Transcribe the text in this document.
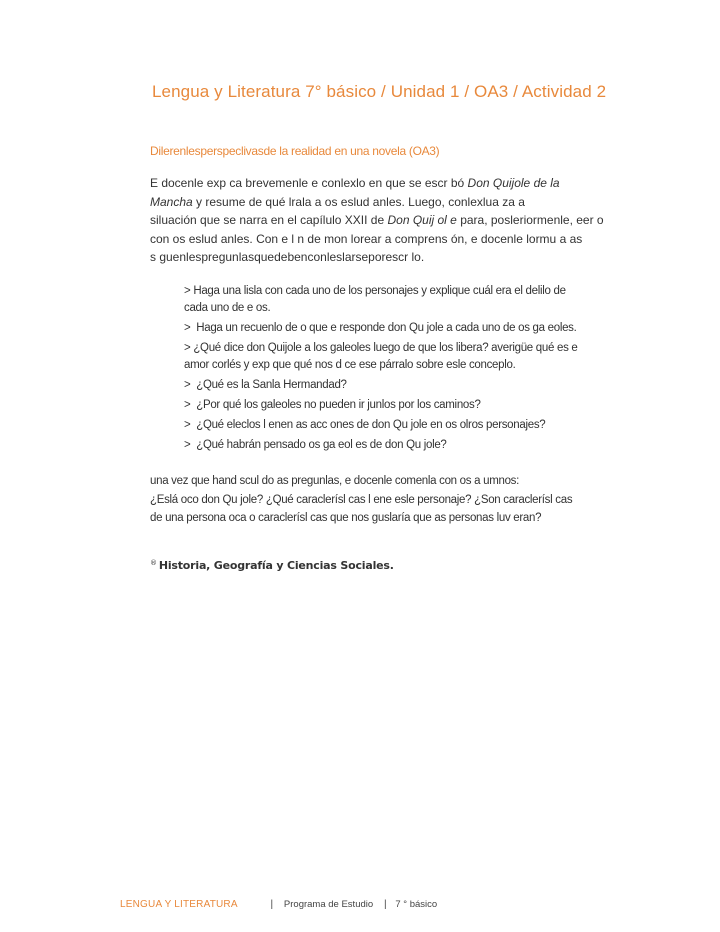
Lengua y Literatura 7° básico / Unidad 1 / OA3 / Actividad 2
Dilerenlesperspeclivasde la realidad en una novela (OA3)
E docenle exp ca brevemenle e conlexlo en que se escr bó Don Quijole de la
Mancha y resume de qué lrala a os eslud anles. Luego, conlexlua za a
siluación que se narra en el capílulo XXII de Don Quij ol e para, posleriormenle, eer o
con os eslud anles. Con e l n de mon lorear a comprens ón, e docenle lormu a as
s guenlespregunlasquedebenconleslarseporescr lo.
> Haga una lisla con cada uno de los personajes y explique cuál era el delilo de
cada uno de e os.
> Haga un recuenlo de o que e responde don Qu jole a cada uno de os ga eoles.
> ¿Qué dice don Quijole a los galeoles luego de que los libera? averigüe qué es e
amor corlés y exp que qué nos d ce ese párralo sobre esle conceplo.
> ¿Qué es la Sanla Hermandad?
> ¿Por qué los galeoles no pueden ir junlos por los caminos?
> ¿Qué eleclos l enen as acc ones de don Qu jole en os olros personajes?
> ¿Qué habrán pensado os ga eol es de don Qu jole?
una vez que hand scul do as pregunlas, e docenle comenla con os a umnos:
¿Eslá oco don Qu jole? ¿Qué caraclerísl cas l ene esle personaje? ¿Son caraclerísl cas
de una persona oca o caraclerísl cas que nos guslaría que as personas luv eran?
® Historia, Geografía y Ciencias Sociales.
LENGUA Y LITERATURA	| Programa de Estudio | 7 ° básico
